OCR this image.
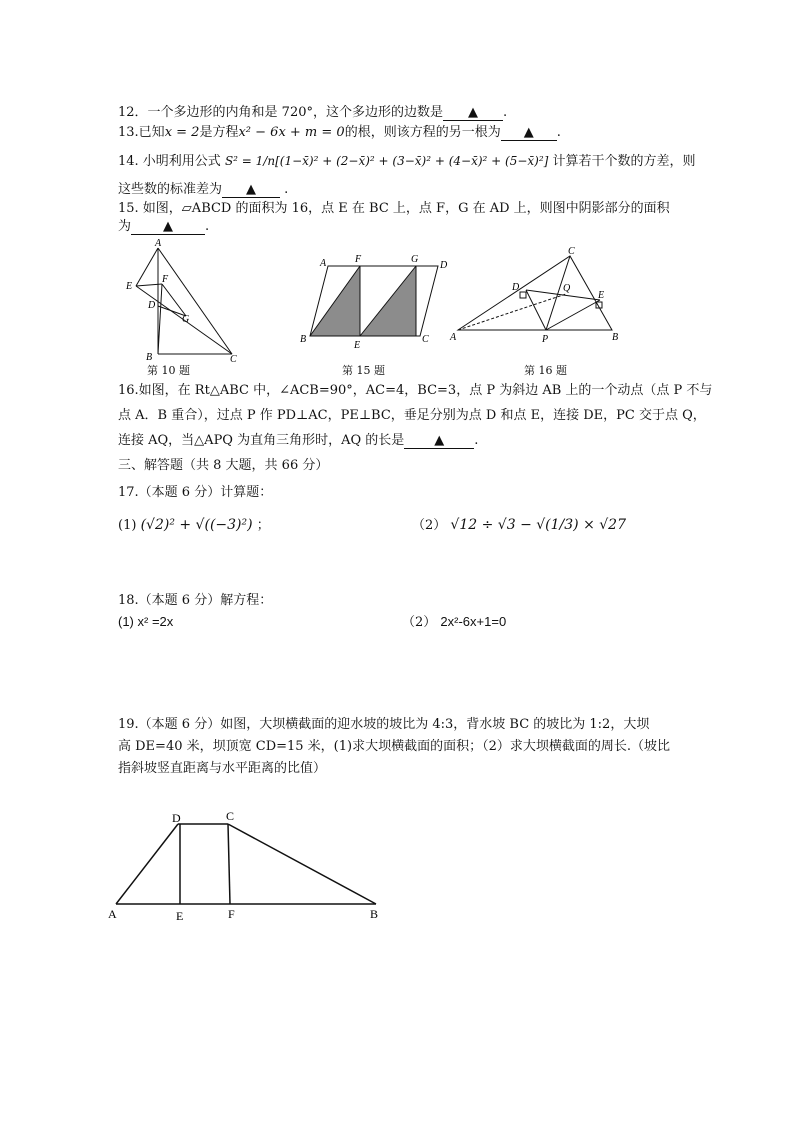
12．一个多边形的内角和是 720°，这个多边形的边数是 ▲ .
13.已知x = 2是方程x² − 6x + m = 0的根，则该方程的另一根为 ▲ .
14. 小明利用公式 S² = 1/n[(1−x̄)² + (2−x̄)² + (3−x̄)² + (4−x̄)² + (5−x̄)²] 计算若干个数的方差，则
这些数的标准差为 ▲ .
15. 如图，▱ABCD 的面积为 16，点 E 在 BC 上，点 F，G 在 AD 上，则图中阴影部分的面积
为 ▲ .
A
F
E
D
G
B	C
第 10 题
A	F	G
D
B
E
C
第 15 题
C
D	Q
E
A	P	B
第 16 题
16.如图，在 Rt△ABC 中，∠ACB=90°，AC=4，BC=3，点 P 为斜边 AB 上的一个动点（点 P 不与
点 A．B 重合），过点 P 作 PD⊥AC，PE⊥BC，垂足分别为点 D 和点 E，连接 DE，PC 交于点 Q，
连接 AQ，当△APQ 为直角三角形时，AQ 的长是 ▲ .
三、解答题（共 8 大题，共 66 分）
17.（本题 6 分）计算题：
(1) (√2)² + √((−3)²) ；	（2） √12 ÷ √3 − √(1/3) × √27
18.（本题 6 分）解方程：
(1) x² =2x	（2） 2x²-6x+1=0
19.（本题 6 分）如图，大坝横截面的迎水坡的坡比为 4:3，背水坡 BC 的坡比为 1:2，大坝
高 DE=40 米，坝顶宽 CD=15 米，(1)求大坝横截面的面积；（2）求大坝横截面的周长.（坡比
指斜坡竖直距离与水平距离的比值）
D	C
A	E	F	B
